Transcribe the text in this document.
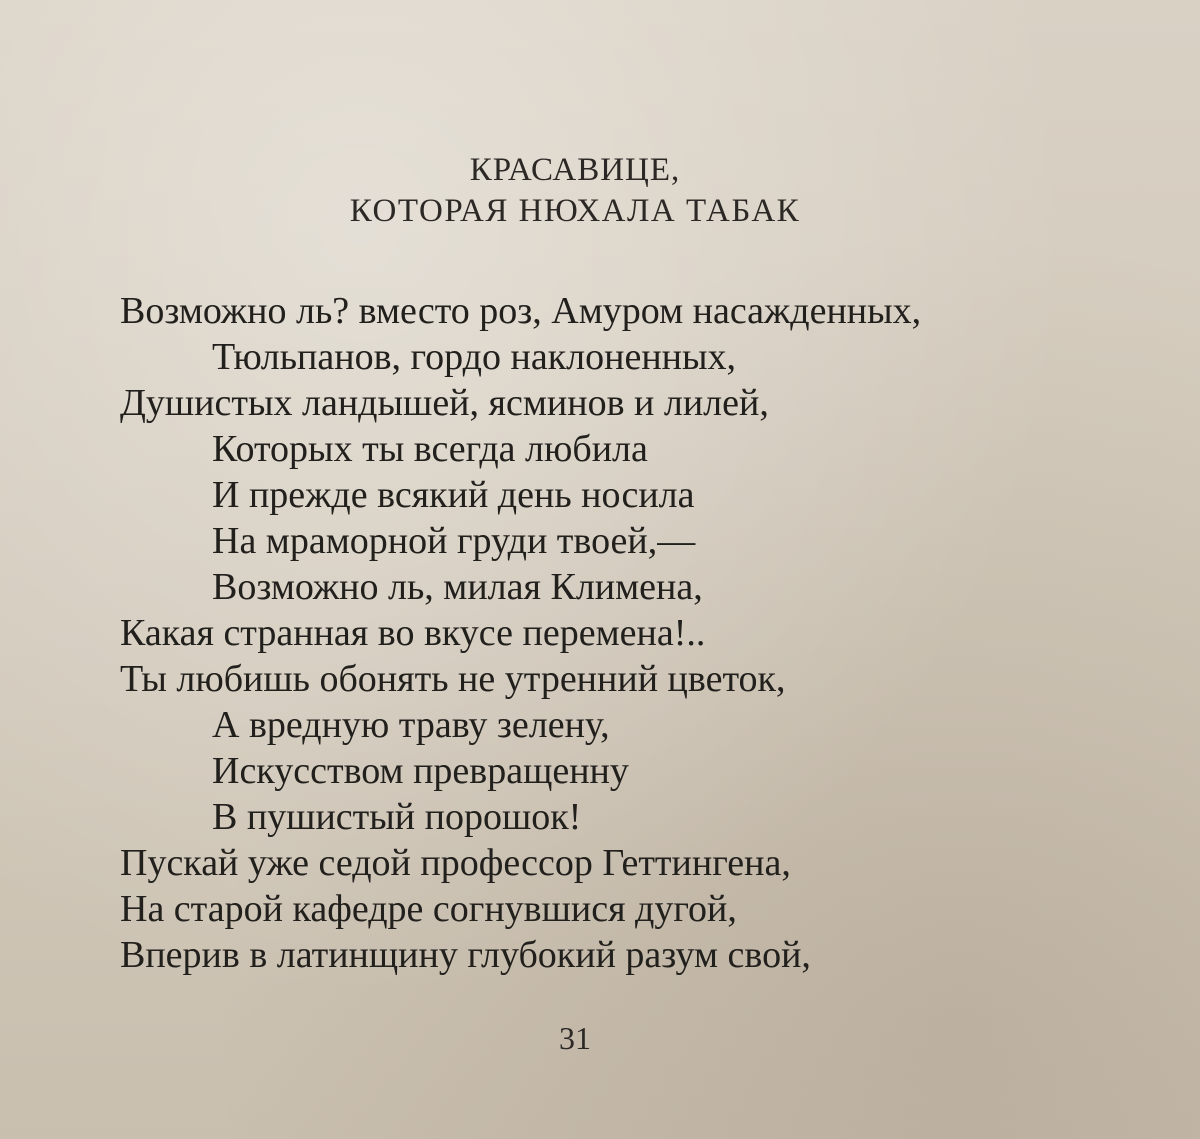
КРАСАВИЦЕ,
КОТОРАЯ НЮХАЛА ТАБАК
Возможно ль? вместо роз, Амуром насажденных,
Тюльпанов, гордо наклоненных,
Душистых ландышей, ясминов и лилей,
Которых ты всегда любила
И прежде всякий день носила
На мраморной груди твоей,—
Возможно ль, милая Климена,
Какая странная во вкусе перемена!..
Ты любишь обонять не утренний цветок,
А вредную траву зелену,
Искусством превращенну
В пушистый порошок!
Пускай уже седой профессор Геттингена,
На старой кафедре согнувшися дугой,
Вперив в латинщину глубокий разум свой,
31
